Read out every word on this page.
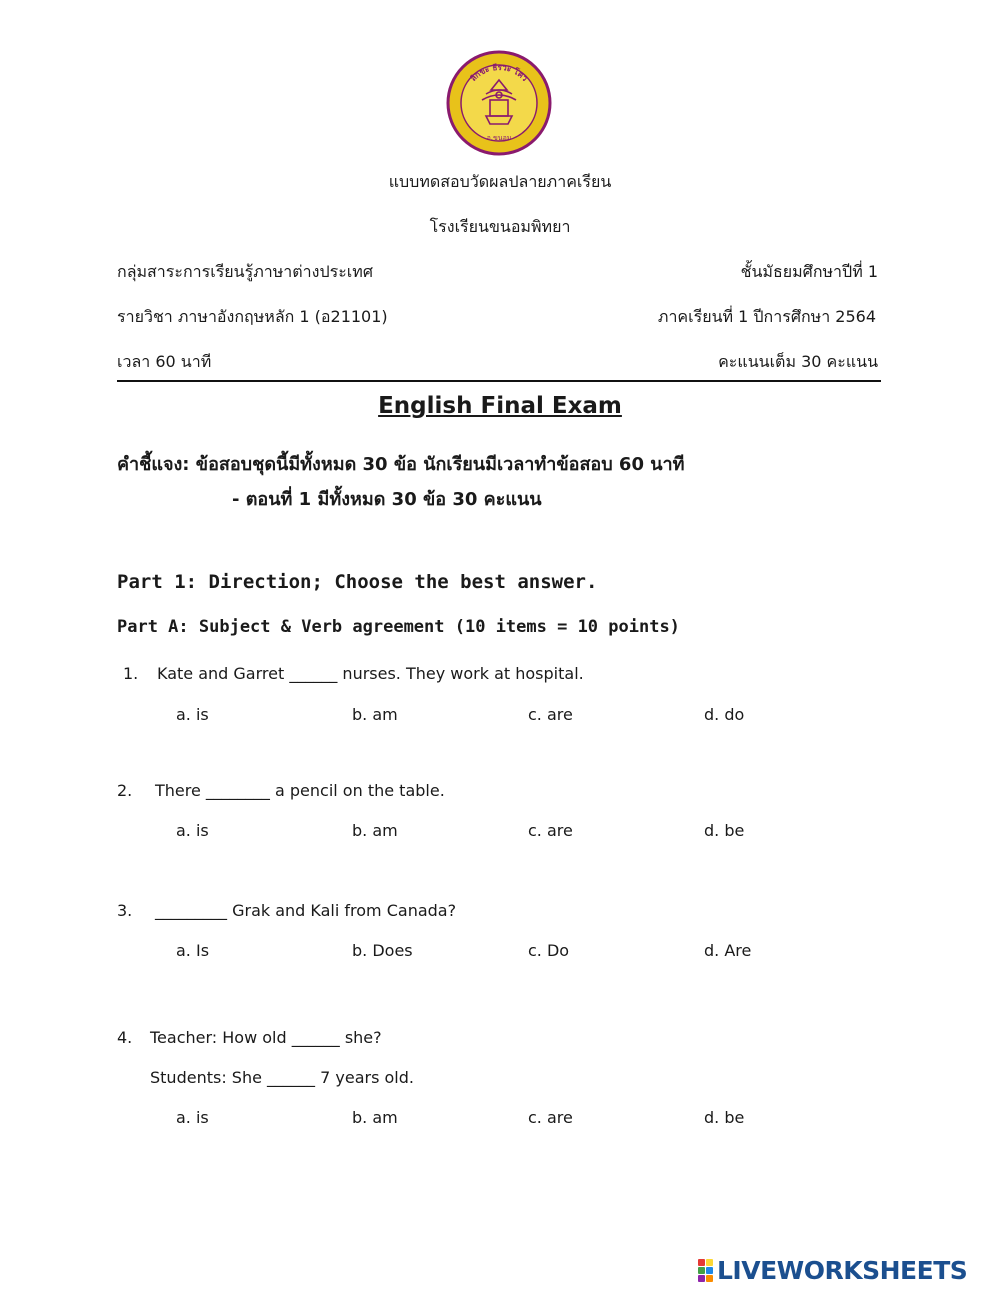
ลิกขะ ธีรวะ โคว
อ.ขนอม
แบบทดสอบวัดผลปลายภาคเรียน
โรงเรียนขนอมพิทยา
กลุ่มสาระการเรียนรู้ภาษาต่างประเทศ	ชั้นมัธยมศึกษาปีที่ 1
รายวิชา ภาษาอังกฤษหลัก 1 (อ21101)	ภาคเรียนที่ 1 ปีการศึกษา 2564
เวลา 60 นาที	คะแนนเต็ม 30 คะแนน
English Final Exam
คำชี้แจง: ข้อสอบชุดนี้มีทั้งหมด 30 ข้อ นักเรียนมีเวลาทำข้อสอบ 60 นาที
- ตอนที่ 1 มีทั้งหมด 30 ข้อ 30 คะแนน
Part 1: Direction; Choose the best answer.
Part A: Subject & Verb agreement (10 items = 10 points)
1. Kate and Garret ______ nurses. They work at hospital.
a. is	b. am	c. are	d. do
2. There ________ a pencil on the table.
a. is	b. am	c. are	d. be
3. _________ Grak and Kali from Canada?
a. Is	b. Does	c. Do	d. Are
4. Teacher: How old ______ she?
Students: She ______ 7 years old.
a. is	b. am	c. are	d. be
LIVEWORKSHEETS
